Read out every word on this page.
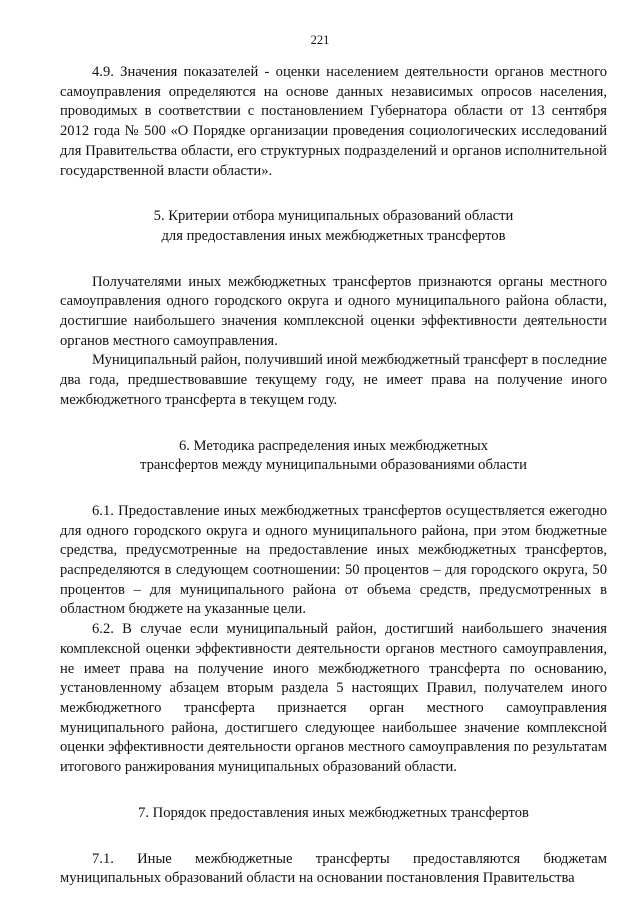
221

4.9. Значения показателей - оценки населением деятельности органов местного самоуправления определяются на основе данных независимых опросов населения, проводимых в соответствии с постановлением Губернатора области от 13 сентября 2012 года № 500 «О Порядке организации проведения социологических исследований для Правительства области, его структурных подразделений и органов исполнительной государственной власти области».

5. Критерии отбора муниципальных образований области
для предоставления иных межбюджетных трансфертов

Получателями иных межбюджетных трансфертов признаются органы местного самоуправления одного городского округа и одного муниципального района области, достигшие наибольшего значения комплексной оценки эффективности деятельности органов местного самоуправления.

Муниципальный район, получивший иной межбюджетный трансферт в последние два года, предшествовавшие текущему году, не имеет права на получение иного межбюджетного трансферта в текущем году.

6. Методика распределения иных межбюджетных
трансфертов между муниципальными образованиями области

6.1. Предоставление иных межбюджетных трансфертов осуществляется ежегодно для одного городского округа и одного муниципального района, при этом бюджетные средства, предусмотренные на предоставление иных межбюджетных трансфертов, распределяются в следующем соотношении: 50 процентов – для городского округа, 50 процентов – для муниципального района от объема средств, предусмотренных в областном бюджете на указанные цели.

6.2. В случае если муниципальный район, достигший наибольшего значения комплексной оценки эффективности деятельности органов местного самоуправления, не имеет права на получение иного межбюджетного трансферта по основанию, установленному абзацем вторым раздела 5 настоящих Правил, получателем иного межбюджетного трансферта признается орган местного самоуправления муниципального района, достигшего следующее наибольшее значение комплексной оценки эффективности деятельности органов местного самоуправления по результатам итогового ранжирования муниципальных образований области.

7. Порядок предоставления иных межбюджетных трансфертов

7.1. Иные межбюджетные трансферты предоставляются бюджетам муниципальных образований области на основании постановления Правительства
